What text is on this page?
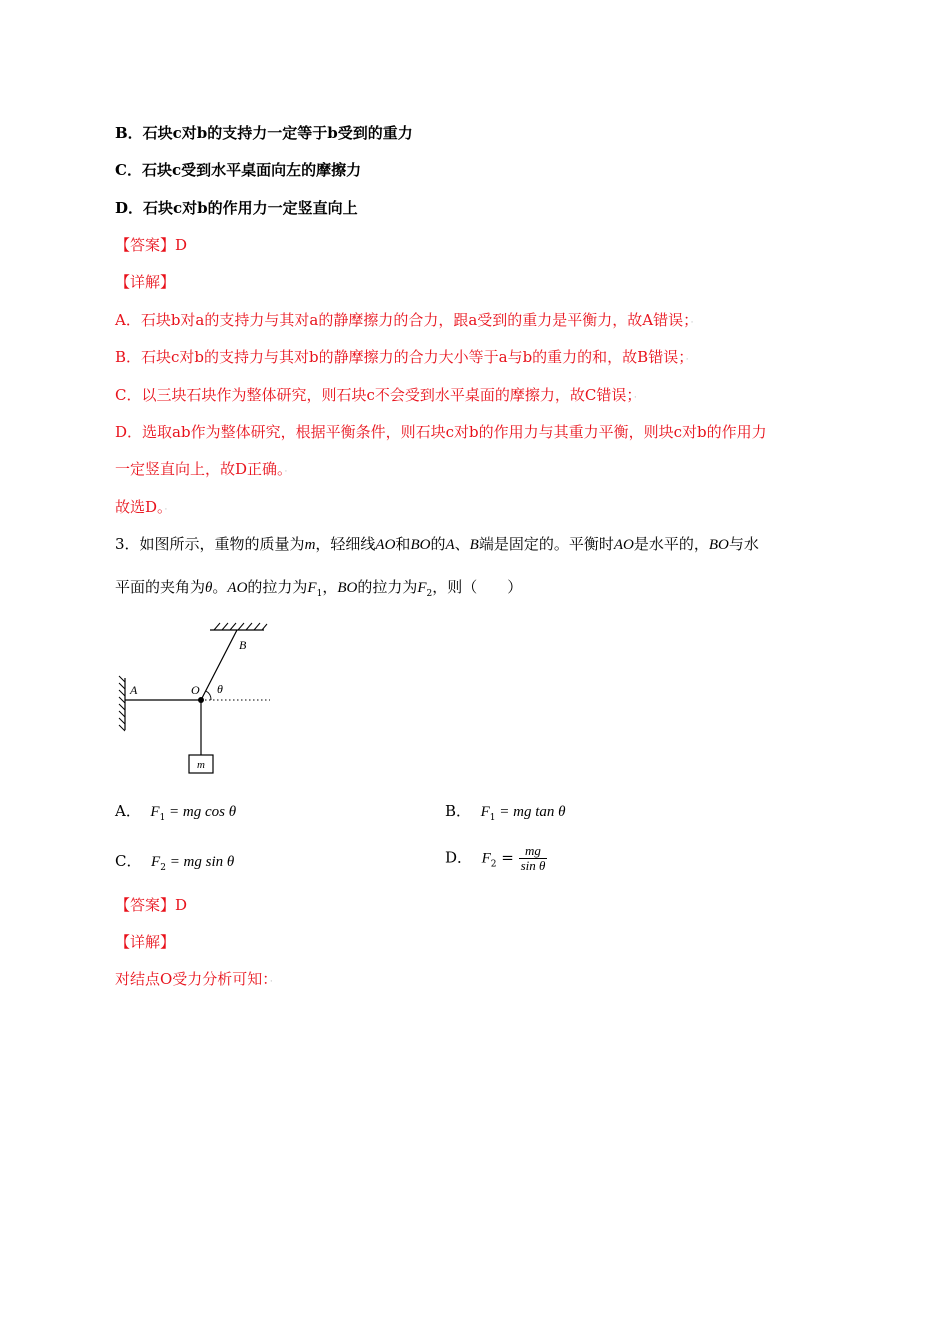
B．石块c对b的支持力一定等于b受到的重力
C．石块c受到水平桌面向左的摩擦力
D．石块c对b的作用力一定竖直向上
【答案】D
【详解】
A．石块b对a的支持力与其对a的静摩擦力的合力，跟a受到的重力是平衡力，故A错误；·
B．石块c对b的支持力与其对b的静摩擦力的合力大小等于a与b的重力的和，故B错误；·
C．以三块石块作为整体研究，则石块c不会受到水平桌面的摩擦力，故C错误；·
D．选取ab作为整体研究，根据平衡条件，则石块c对b的作用力与其重力平衡，则块c对b的作用力
一定竖直向上，故D正确。·
故选D。·
3．如图所示，重物的质量为m，轻细线AO和BO的A、B端是固定的。平衡时AO是水平的，BO与水
平面的夹角为θ。AO的拉力为$F_1$，BO的拉力为$F_2$，则（　　）
A	O θ
B
m
A． $F_1$ = mg cos θ	B． $F_1$ = mg tan θ
C． $F_2$ = mg sin θ	D． $F_2 = \frac{mg}{\text{sin θ}}$
【答案】D
【详解】
对结点O受力分析可知：·
